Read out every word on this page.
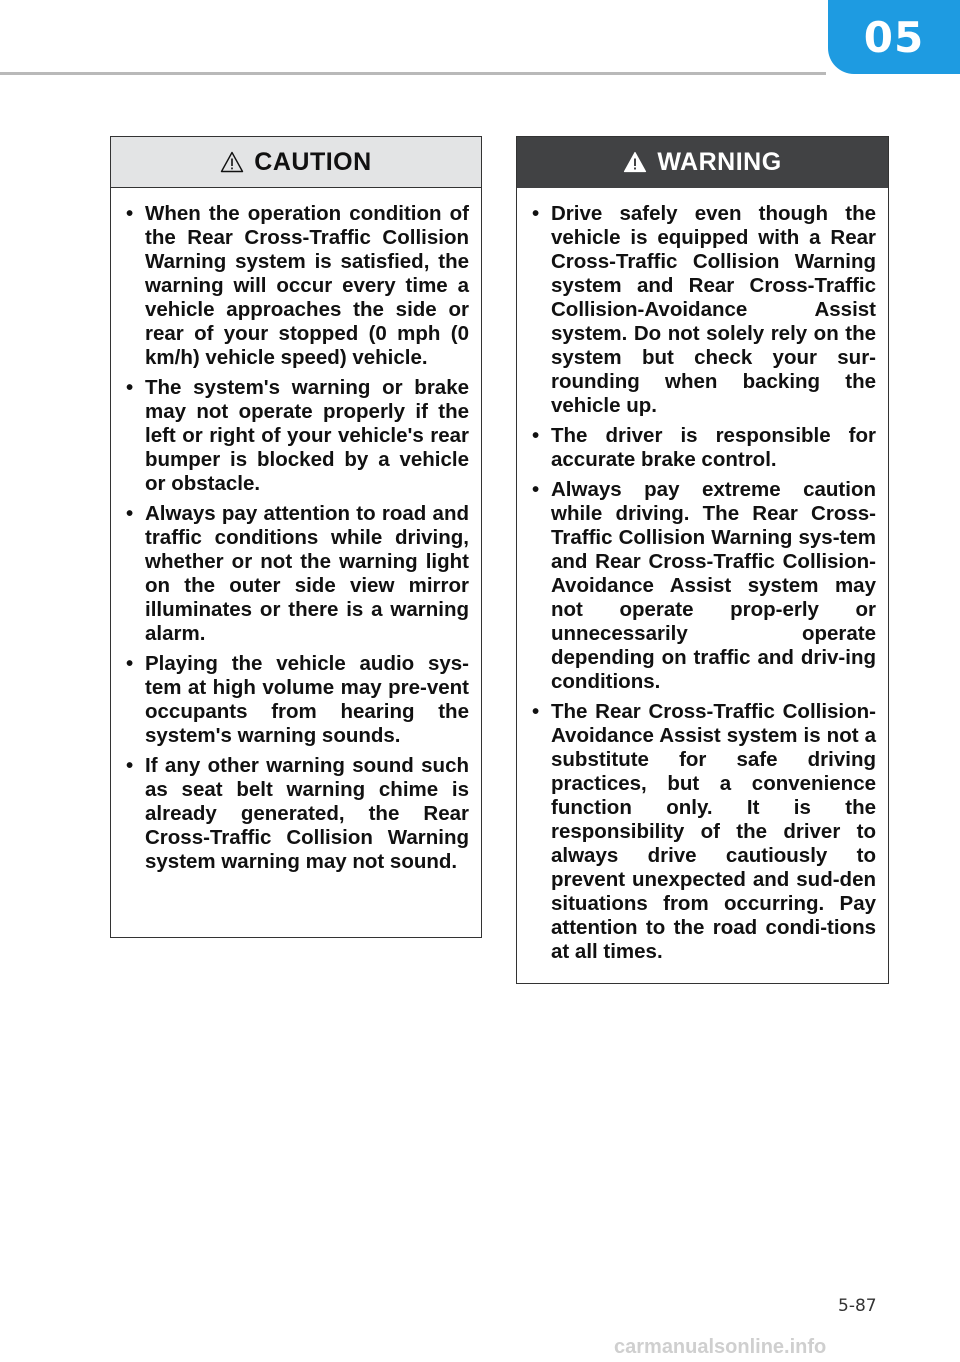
05
CAUTION
• When the operation condition of the Rear Cross-Traffic Collision Warning system is satisfied, the warning will occur every time a vehicle approaches the side or rear of your stopped (0 mph (0 km/h) vehicle speed) vehicle.
• The system's warning or brake may not operate properly if the left or right of your vehicle's rear bumper is blocked by a vehicle or obstacle.
• Always pay attention to road and traffic conditions while driving, whether or not the warning light on the outer side view mirror illuminates or there is a warning alarm.
• Playing the vehicle audio sys-tem at high volume may pre-vent occupants from hearing the system's warning sounds.
• If any other warning sound such as seat belt warning chime is already generated, the Rear Cross-Traffic Collision Warning system warning may not sound.
WARNING
• Drive safely even though the vehicle is equipped with a Rear Cross-Traffic Collision Warning system and Rear Cross-Traffic Collision-Avoidance Assist system. Do not solely rely on the system but check your sur-rounding when backing the vehicle up.
• The driver is responsible for accurate brake control.
• Always pay extreme caution while driving. The Rear Cross-Traffic Collision Warning sys-tem and Rear Cross-Traffic Collision-Avoidance Assist system may not operate prop-erly or unnecessarily operate depending on traffic and driv-ing conditions.
• The Rear Cross-Traffic Collision-Avoidance Assist system is not a substitute for safe driving practices, but a convenience function only. It is the responsibility of the driver to always drive cautiously to prevent unexpected and sud-den situations from occurring. Pay attention to the road condi-tions at all times.
5-87
carmanualsonline.info
